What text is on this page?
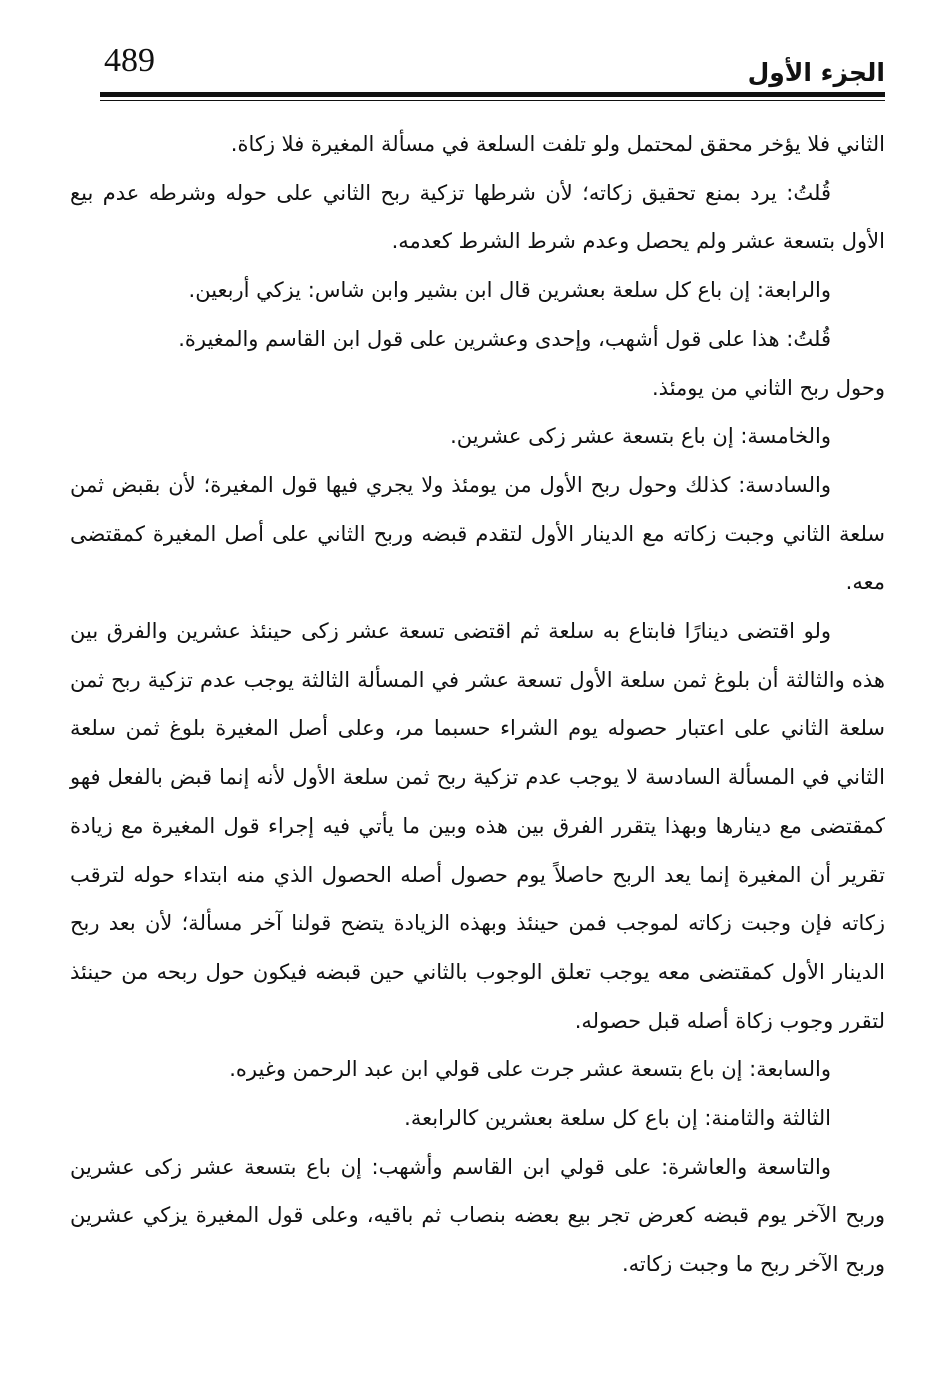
489	الجزء الأول

الثاني فلا يؤخر محقق لمحتمل ولو تلفت السلعة في مسألة المغيرة فلا زكاة.

قُلتُ: يرد بمنع تحقيق زكاته؛ لأن شرطها تزكية ربح الثاني على حوله وشرطه عدم بيع الأول بتسعة عشر ولم يحصل وعدم شرط الشرط كعدمه.

والرابعة: إن باع كل سلعة بعشرين قال ابن بشير وابن شاس: يزكي أربعين.

قُلتُ: هذا على قول أشهب، وإحدى وعشرين على قول ابن القاسم والمغيرة.

وحول ربح الثاني من يومئذ.

والخامسة: إن باع بتسعة عشر زكى عشرين.

والسادسة: كذلك وحول ربح الأول من يومئذ ولا يجري فيها قول المغيرة؛ لأن بقبض ثمن سلعة الثاني وجبت زكاته مع الدينار الأول لتقدم قبضه وربح الثاني على أصل المغيرة كمقتضى معه.

ولو اقتضى دينارًا فابتاع به سلعة ثم اقتضى تسعة عشر زكى حينئذ عشرين والفرق بين هذه والثالثة أن بلوغ ثمن سلعة الأول تسعة عشر في المسألة الثالثة يوجب عدم تزكية ربح ثمن سلعة الثاني على اعتبار حصوله يوم الشراء حسبما مر، وعلى أصل المغيرة بلوغ ثمن سلعة الثاني في المسألة السادسة لا يوجب عدم تزكية ربح ثمن سلعة الأول لأنه إنما قبض بالفعل فهو كمقتضى مع دينارها وبهذا يتقرر الفرق بين هذه وبين ما يأتي فيه إجراء قول المغيرة مع زيادة تقرير أن المغيرة إنما يعد الربح حاصلاً يوم حصول أصله الحصول الذي منه ابتداء حوله لترقب زكاته فإن وجبت زكاته لموجب فمن حينئذ وبهذه الزيادة يتضح قولنا آخر مسألة؛ لأن بعد ربح الدينار الأول كمقتضى معه يوجب تعلق الوجوب بالثاني حين قبضه فيكون حول ربحه من حينئذ لتقرر وجوب زكاة أصله قبل حصوله.

والسابعة: إن باع بتسعة عشر جرت على قولي ابن عبد الرحمن وغيره.

الثالثة والثامنة: إن باع كل سلعة بعشرين كالرابعة.

والتاسعة والعاشرة: على قولي ابن القاسم وأشهب: إن باع بتسعة عشر زكى عشرين وربح الآخر يوم قبضه كعرض تجر بيع بعضه بنصاب ثم باقيه، وعلى قول المغيرة يزكي عشرين وربح الآخر ربح ما وجبت زكاته.
